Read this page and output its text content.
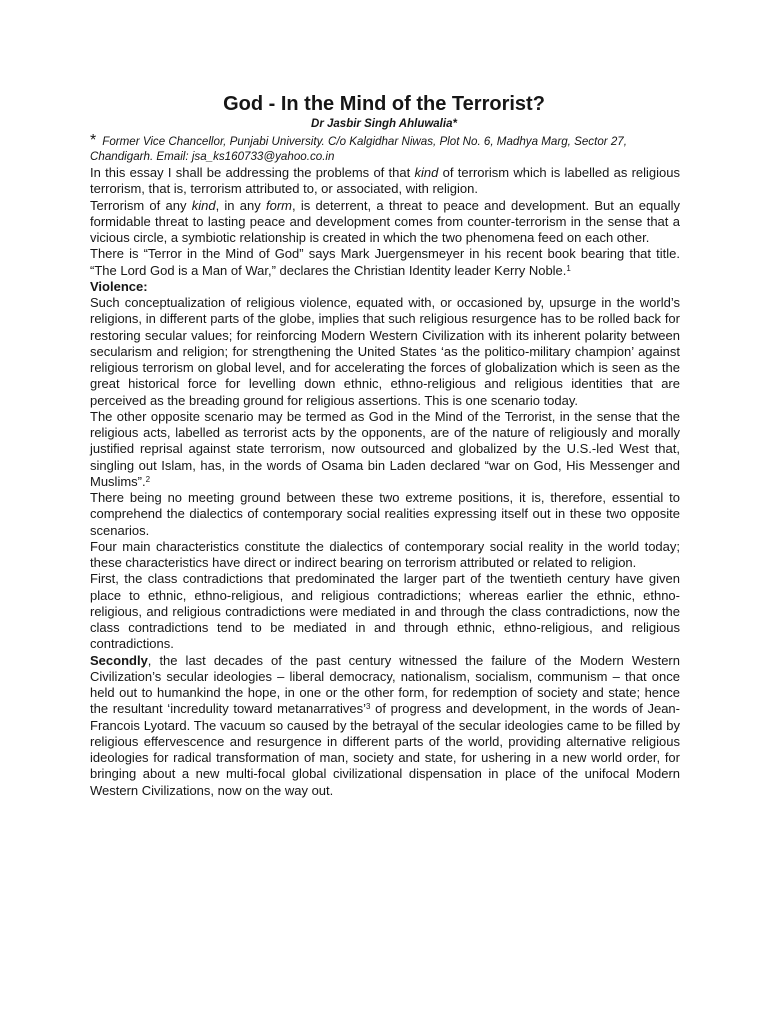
God - In the Mind of the Terrorist?
Dr Jasbir Singh Ahluwalia*
* Former Vice Chancellor, Punjabi University. C/o Kalgidhar Niwas, Plot No. 6, Madhya Marg, Sector 27, Chandigarh. Email: jsa_ks160733@yahoo.co.in

In this essay I shall be addressing the problems of that kind of terrorism which is labelled as religious terrorism, that is, terrorism attributed to, or associated, with religion.

Terrorism of any kind, in any form, is deterrent, a threat to peace and development. But an equally formidable threat to lasting peace and development comes from counter-terrorism in the sense that a vicious circle, a symbiotic relationship is created in which the two phenomena feed on each other.

There is “Terror in the Mind of God” says Mark Juergensmeyer in his recent book bearing that title. “The Lord God is a Man of War,” declares the Christian Identity leader Kerry Noble.$^1$

Violence:

Such conceptualization of religious violence, equated with, or occasioned by, upsurge in the world’s religions, in different parts of the globe, implies that such religious resurgence has to be rolled back for restoring secular values; for reinforcing Modern Western Civilization with its inherent polarity between secularism and religion; for strengthening the United States ‘as the politico-military champion’ against religious terrorism on global level, and for accelerating the forces of globalization which is seen as the great historical force for levelling down ethnic, ethno-religious and religious identities that are perceived as the breading ground for religious assertions. This is one scenario today.

The other opposite scenario may be termed as God in the Mind of the Terrorist, in the sense that the religious acts, labelled as terrorist acts by the opponents, are of the nature of religiously and morally justified reprisal against state terrorism, now outsourced and globalized by the U.S.-led West that, singling out Islam, has, in the words of Osama bin Laden declared “war on God, His Messenger and Muslims”.$^2$

There being no meeting ground between these two extreme positions, it is, therefore, essential to comprehend the dialectics of contemporary social realities expressing itself out in these two opposite scenarios.

Four main characteristics constitute the dialectics of contemporary social reality in the world today; these characteristics have direct or indirect bearing on terrorism attributed or related to religion.

First, the class contradictions that predominated the larger part of the twentieth century have given place to ethnic, ethno-religious, and religious contradictions; whereas earlier the ethnic, ethno-religious, and religious contradictions were mediated in and through the class contradictions, now the class contradictions tend to be mediated in and through ethnic, ethno-religious, and religious contradictions.

Secondly, the last decades of the past century witnessed the failure of the Modern Western Civilization’s secular ideologies – liberal democracy, nationalism, socialism, communism – that once held out to humankind the hope, in one or the other form, for redemption of society and state; hence the resultant ‘incredulity toward metanarratives’$^3$ of progress and development, in the words of Jean-Francois Lyotard. The vacuum so caused by the betrayal of the secular ideologies came to be filled by religious effervescence and resurgence in different parts of the world, providing alternative religious ideologies for radical transformation of man, society and state, for ushering in a new world order, for bringing about a new multi-focal global civilizational dispensation in place of the unifocal Modern Western Civilizations, now on the way out.
